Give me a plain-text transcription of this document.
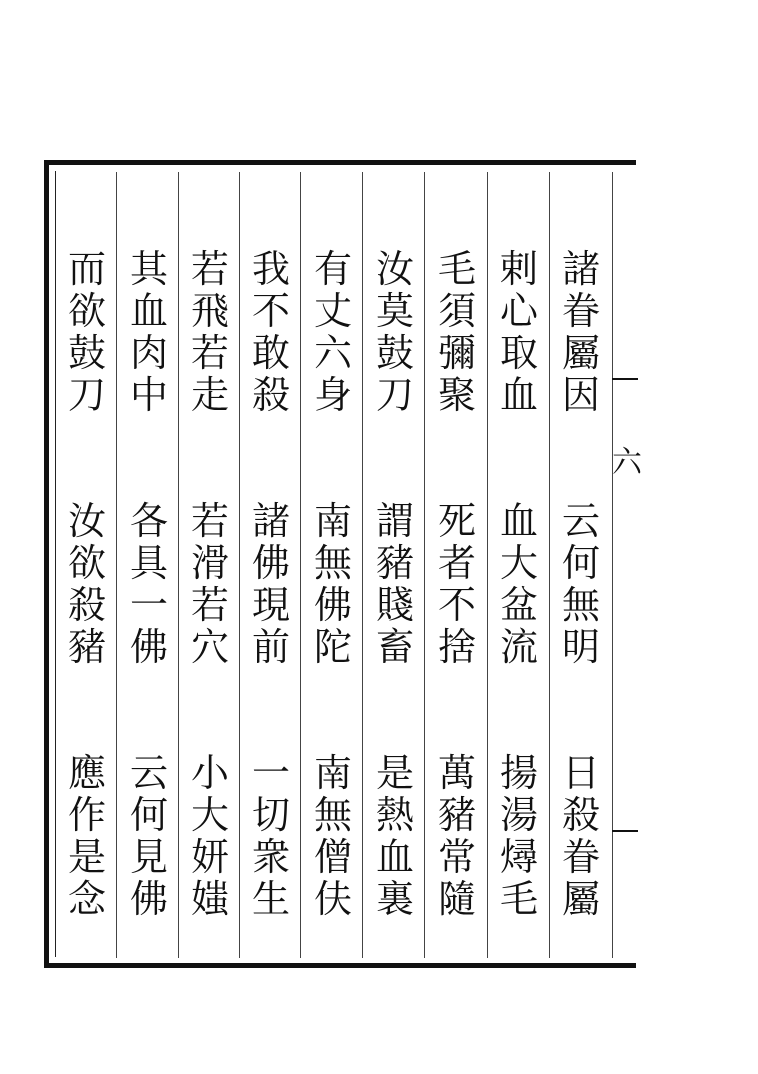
六
諸
眷
屬
因
云
何
無
明
日
殺
眷
屬
剌
心
取
血
血
大
盆
流
揚
湯
燖
毛
毛
須
彌
聚
死
者
不
捨
萬
豬
常
隨
汝
莫
鼓
刀
謂
豬
賤
畜
是
熱
血
裏
有
丈
六
身
南
無
佛
陀
南
無
僧
伕
我
不
敢
殺
諸
佛
現
前
一
切
衆
生
若
飛
若
走
若
滑
若
穴
小
大
妍
媸
其
血
肉
中
各
具
一
佛
云
何
見
佛
而
欲
鼓
刀
汝
欲
殺
豬
應
作
是
念
